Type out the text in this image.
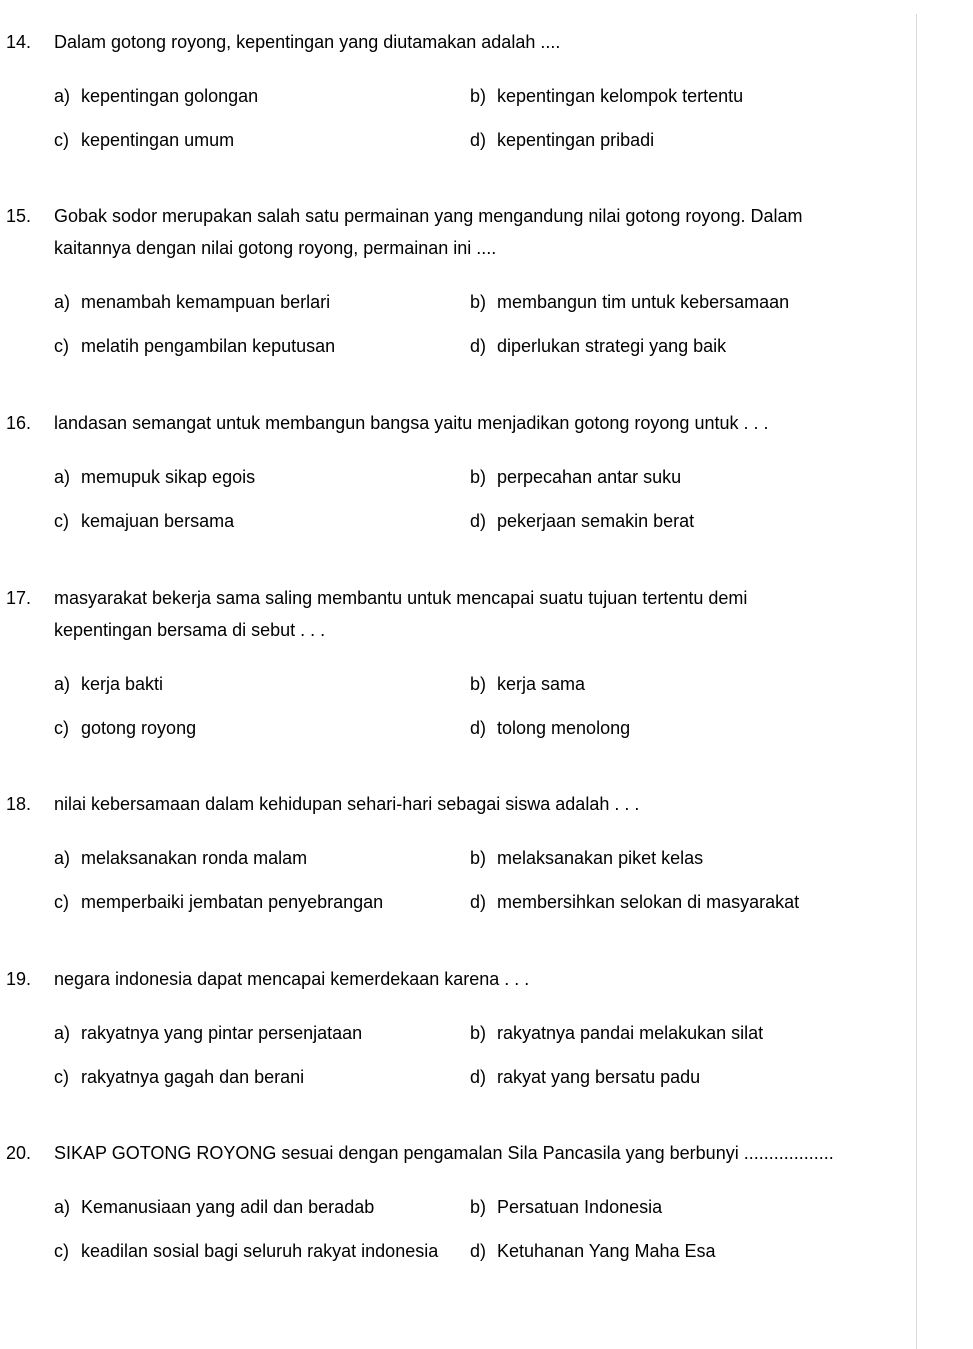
14.	Dalam gotong royong, kepentingan yang diutamakan adalah ....
a) kepentingan golongan	b) kepentingan kelompok tertentu
c) kepentingan umum	d) kepentingan pribadi
15.	Gobak sodor merupakan salah satu permainan yang mengandung nilai gotong royong. Dalam kaitannya dengan nilai gotong royong, permainan ini ....
a) menambah kemampuan berlari	b) membangun tim untuk kebersamaan
c) melatih pengambilan keputusan	d) diperlukan strategi yang baik
16.	landasan semangat untuk membangun bangsa yaitu menjadikan gotong royong untuk . . .
a) memupuk sikap egois	b) perpecahan antar suku
c) kemajuan bersama	d) pekerjaan semakin berat
17.	masyarakat bekerja sama saling membantu untuk mencapai suatu tujuan tertentu demi kepentingan bersama di sebut . . .
a) kerja bakti	b) kerja sama
c) gotong royong	d) tolong menolong
18.	nilai kebersamaan dalam kehidupan sehari-hari sebagai siswa adalah . . .
a) melaksanakan ronda malam	b) melaksanakan piket kelas
c) memperbaiki jembatan penyebrangan	d) membersihkan selokan di masyarakat
19.	negara indonesia dapat mencapai kemerdekaan karena . . .
a) rakyatnya yang pintar persenjataan	b) rakyatnya pandai melakukan silat
c) rakyatnya gagah dan berani	d) rakyat yang bersatu padu
20.	SIKAP GOTONG ROYONG sesuai dengan pengamalan Sila Pancasila yang berbunyi ..................
a) Kemanusiaan yang adil dan beradab	b) Persatuan Indonesia
c) keadilan sosial bagi seluruh rakyat indonesia	d) Ketuhanan Yang Maha Esa
